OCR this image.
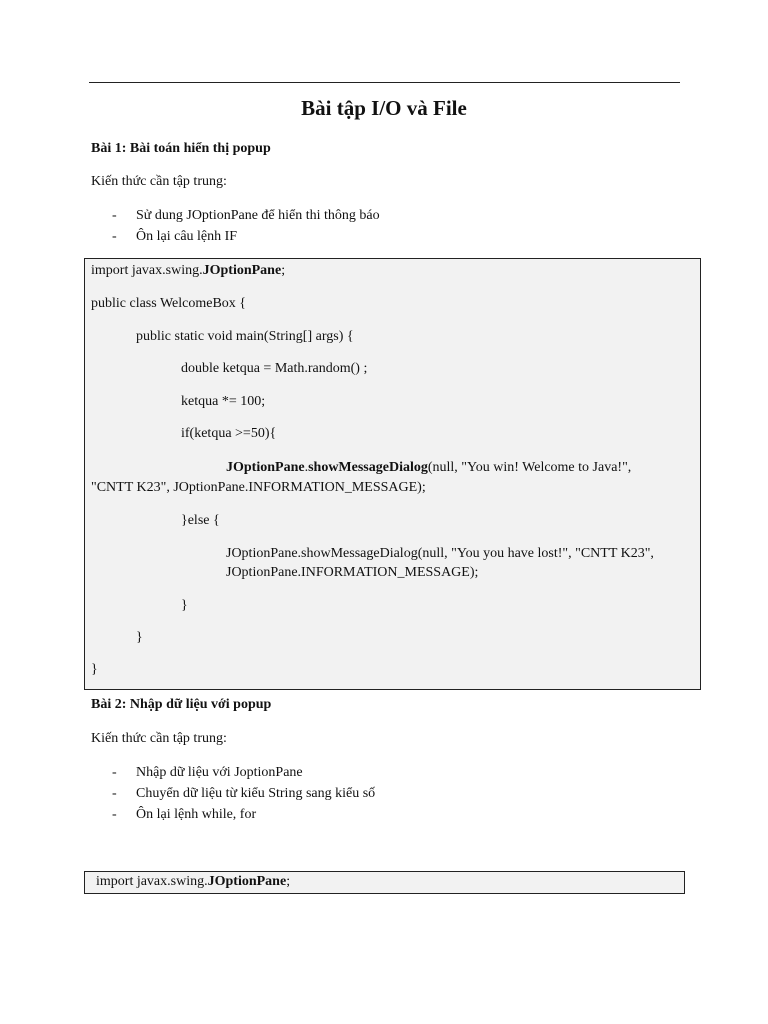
Bài tập I/O và File
Bài 1: Bài toán hiển thị popup
Kiến thức cần tập trung:
- Sử dung JOptionPane để hiển thi thông báo
- Ôn lại câu lệnh IF
import javax.swing.JOptionPane;
public class WelcomeBox {
public static void main(String[] args) {
double ketqua = Math.random() ;
ketqua *= 100;
if(ketqua >=50){
JOptionPane.showMessageDialog(null, "You win! Welcome to Java!",
"CNTT K23", JOptionPane.INFORMATION_MESSAGE);
}else {
JOptionPane.showMessageDialog(null, "You you have lost!", "CNTT K23",
JOptionPane.INFORMATION_MESSAGE);
}
}
}
Bài 2: Nhập dữ liệu với popup
Kiến thức cần tập trung:
- Nhập dữ liệu với JoptionPane
- Chuyển dữ liệu từ kiểu String sang kiểu số
- Ôn lại lệnh while, for
import javax.swing.JOptionPane;
